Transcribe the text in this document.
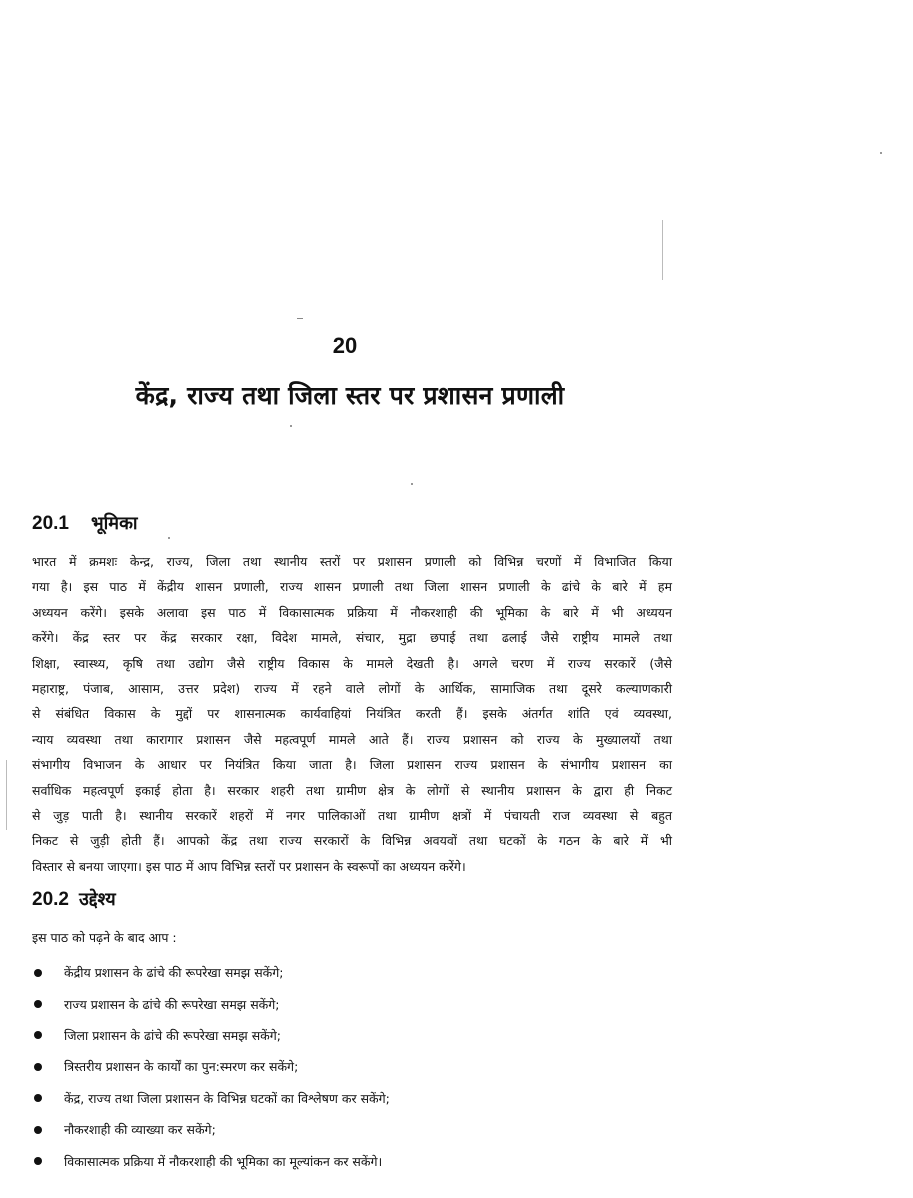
20
केंद्र, राज्य तथा जिला स्तर पर प्रशासन प्रणाली
20.1 भूमिका
भारत में क्रमशः केन्द्र, राज्य, जिला तथा स्थानीय स्तरों पर प्रशासन प्रणाली को विभिन्न चरणों में विभाजित किया
गया है। इस पाठ में केंद्रीय शासन प्रणाली, राज्य शासन प्रणाली तथा जिला शासन प्रणाली के ढांचे के बारे में हम
अध्ययन करेंगे। इसके अलावा इस पाठ में विकासात्मक प्रक्रिया में नौकरशाही की भूमिका के बारे में भी अध्ययन
करेंगे। केंद्र स्तर पर केंद्र सरकार रक्षा, विदेश मामले, संचार, मुद्रा छपाई तथा ढलाई जैसे राष्ट्रीय मामले तथा
शिक्षा, स्वास्थ्य, कृषि तथा उद्योग जैसे राष्ट्रीय विकास के मामले देखती है। अगले चरण में राज्य सरकारें (जैसे
महाराष्ट्र, पंजाब, आसाम, उत्तर प्रदेश) राज्य में रहने वाले लोगों के आर्थिक, सामाजिक तथा दूसरे कल्याणकारी
से संबंधित विकास के मुद्दों पर शासनात्मक कार्यवाहियां नियंत्रित करती हैं। इसके अंतर्गत शांति एवं व्यवस्था,
न्याय व्यवस्था तथा कारागार प्रशासन जैसे महत्वपूर्ण मामले आते हैं। राज्य प्रशासन को राज्य के मुख्यालयों तथा
संभागीय विभाजन के आधार पर नियंत्रित किया जाता है। जिला प्रशासन राज्य प्रशासन के संभागीय प्रशासन का
सर्वाधिक महत्वपूर्ण इकाई होता है। सरकार शहरी तथा ग्रामीण क्षेत्र के लोगों से स्थानीय प्रशासन के द्वारा ही निकट
से जुड़ पाती है। स्थानीय सरकारें शहरों में नगर पालिकाओं तथा ग्रामीण क्षत्रों में पंचायती राज व्यवस्था से बहुत
निकट से जुड़ी होती हैं। आपको केंद्र तथा राज्य सरकारों के विभिन्न अवयवों तथा घटकों के गठन के बारे में भी
विस्तार से बनया जाएगा। इस पाठ में आप विभिन्न स्तरों पर प्रशासन के स्वरूपों का अध्ययन करेंगे।
20.2 उद्देश्य
इस पाठ को पढ़ने के बाद आप :
केंद्रीय प्रशासन के ढांचे की रूपरेखा समझ सकेंगे;
राज्य प्रशासन के ढांचे की रूपरेखा समझ सकेंगे;
जिला प्रशासन के ढांचे की रूपरेखा समझ सकेंगे;
त्रिस्तरीय प्रशासन के कार्यों का पुन:स्मरण कर सकेंगे;
केंद्र, राज्य तथा जिला प्रशासन के विभिन्न घटकों का विश्लेषण कर सकेंगे;
नौकरशाही की व्याख्या कर सकेंगे;
विकासात्मक प्रक्रिया में नौकरशाही की भूमिका का मूल्यांकन कर सकेंगे।
